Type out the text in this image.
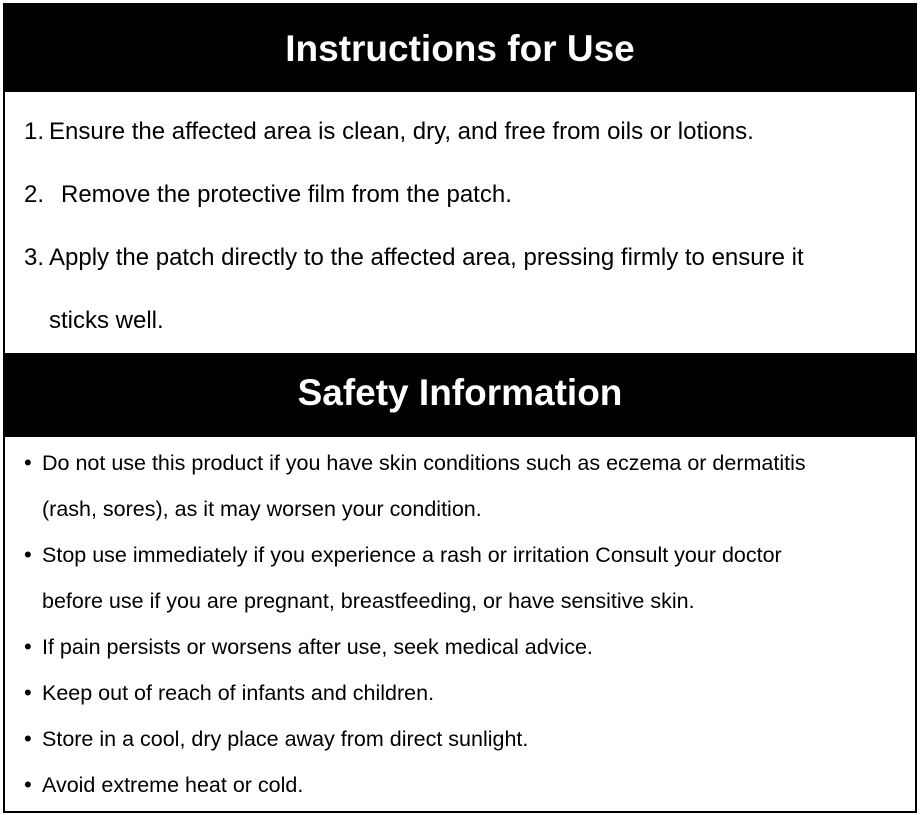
Instructions for Use
1. Ensure the affected area is clean, dry, and free from oils or lotions.
2. Remove the protective film from the patch.
3. Apply the patch directly to the affected area, pressing firmly to ensure it
sticks well.
Safety Information
• Do not use this product if you have skin conditions such as eczema or dermatitis
(rash, sores), as it may worsen your condition.
• Stop use immediately if you experience a rash or irritation Consult your doctor
before use if you are pregnant, breastfeeding, or have sensitive skin.
• If pain persists or worsens after use, seek medical advice.
• Keep out of reach of infants and children.
• Store in a cool, dry place away from direct sunlight.
• Avoid extreme heat or cold.
